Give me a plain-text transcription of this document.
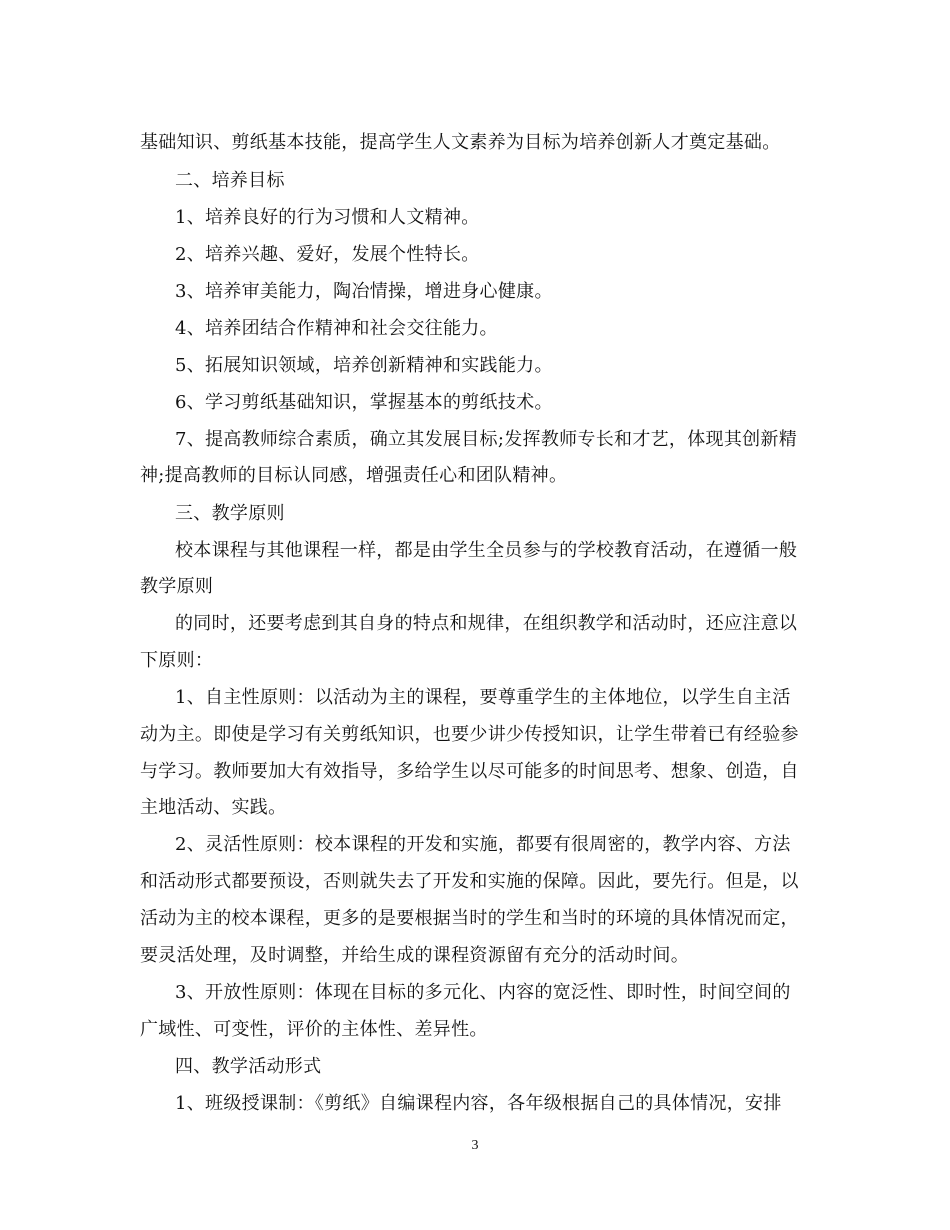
基础知识、剪纸基本技能，提高学生人文素养为目标为培养创新人才奠定基础。
二、培养目标
1、培养良好的行为习惯和人文精神。
2、培养兴趣、爱好，发展个性特长。
3、培养审美能力，陶冶情操，增进身心健康。
4、培养团结合作精神和社会交往能力。
5、拓展知识领域，培养创新精神和实践能力。
6、学习剪纸基础知识，掌握基本的剪纸技术。
7、提高教师综合素质，确立其发展目标;发挥教师专长和才艺，体现其创新精
神;提高教师的目标认同感，增强责任心和团队精神。
三、教学原则
校本课程与其他课程一样，都是由学生全员参与的学校教育活动，在遵循一般
教学原则
的同时，还要考虑到其自身的特点和规律，在组织教学和活动时，还应注意以
下原则：
1、自主性原则：以活动为主的课程，要尊重学生的主体地位，以学生自主活
动为主。即使是学习有关剪纸知识，也要少讲少传授知识，让学生带着已有经验参
与学习。教师要加大有效指导，多给学生以尽可能多的时间思考、想象、创造，自
主地活动、实践。
2、灵活性原则：校本课程的开发和实施，都要有很周密的，教学内容、方法
和活动形式都要预设，否则就失去了开发和实施的保障。因此，要先行。但是，以
活动为主的校本课程，更多的是要根据当时的学生和当时的环境的具体情况而定，
要灵活处理，及时调整，并给生成的课程资源留有充分的活动时间。
3、开放性原则：体现在目标的多元化、内容的宽泛性、即时性，时间空间的
广域性、可变性，评价的主体性、差异性。
四、教学活动形式
1、班级授课制：《剪纸》自编课程内容，各年级根据自己的具体情况，安排
3
